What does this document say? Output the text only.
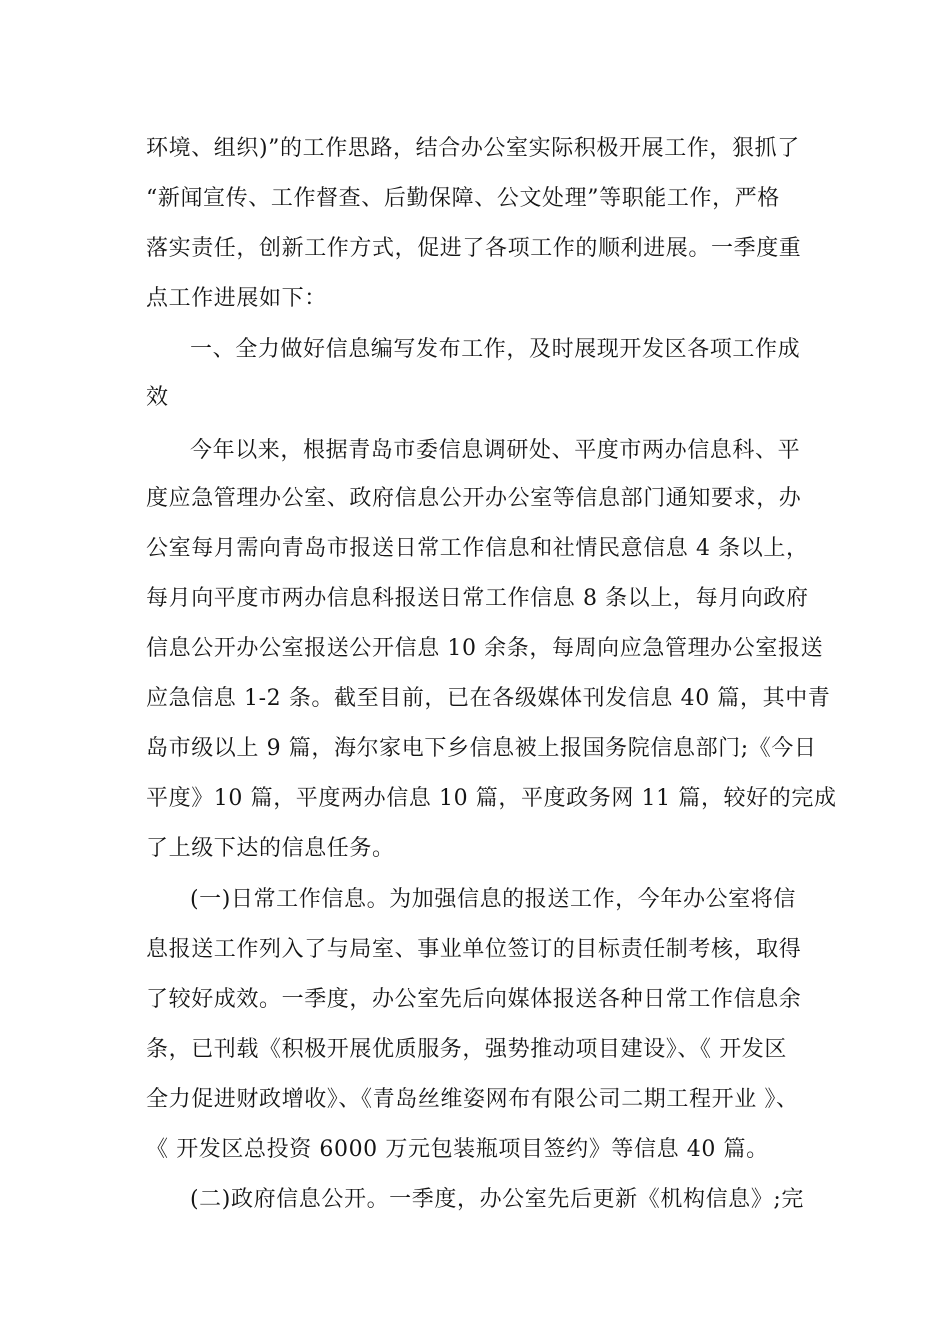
环境、组织)”的工作思路，结合办公室实际积极开展工作，狠抓了
“新闻宣传、工作督查、后勤保障、公文处理”等职能工作，严格
落实责任，创新工作方式，促进了各项工作的顺利进展。一季度重
点工作进展如下：
一、全力做好信息编写发布工作，及时展现开发区各项工作成
效
今年以来，根据青岛市委信息调研处、平度市两办信息科、平
度应急管理办公室、政府信息公开办公室等信息部门通知要求，办
公室每月需向青岛市报送日常工作信息和社情民意信息 4 条以上，
每月向平度市两办信息科报送日常工作信息 8 条以上，每月向政府
信息公开办公室报送公开信息 10 余条，每周向应急管理办公室报送
应急信息 1-2 条。截至目前，已在各级媒体刊发信息 40 篇，其中青
岛市级以上 9 篇，海尔家电下乡信息被上报国务院信息部门;《今日
平度》10 篇，平度两办信息 10 篇，平度政务网 11 篇，较好的完成
了上级下达的信息任务。
(一)日常工作信息。为加强信息的报送工作，今年办公室将信
息报送工作列入了与局室、事业单位签订的目标责任制考核，取得
了较好成效。一季度，办公室先后向媒体报送各种日常工作信息余
条，已刊载《积极开展优质服务，强势推动项目建设》、《 开发区
全力促进财政增收》、《青岛丝维姿网布有限公司二期工程开业 》、
《 开发区总投资 6000 万元包装瓶项目签约》等信息 40 篇。
(二)政府信息公开。一季度，办公室先后更新《机构信息》;完
